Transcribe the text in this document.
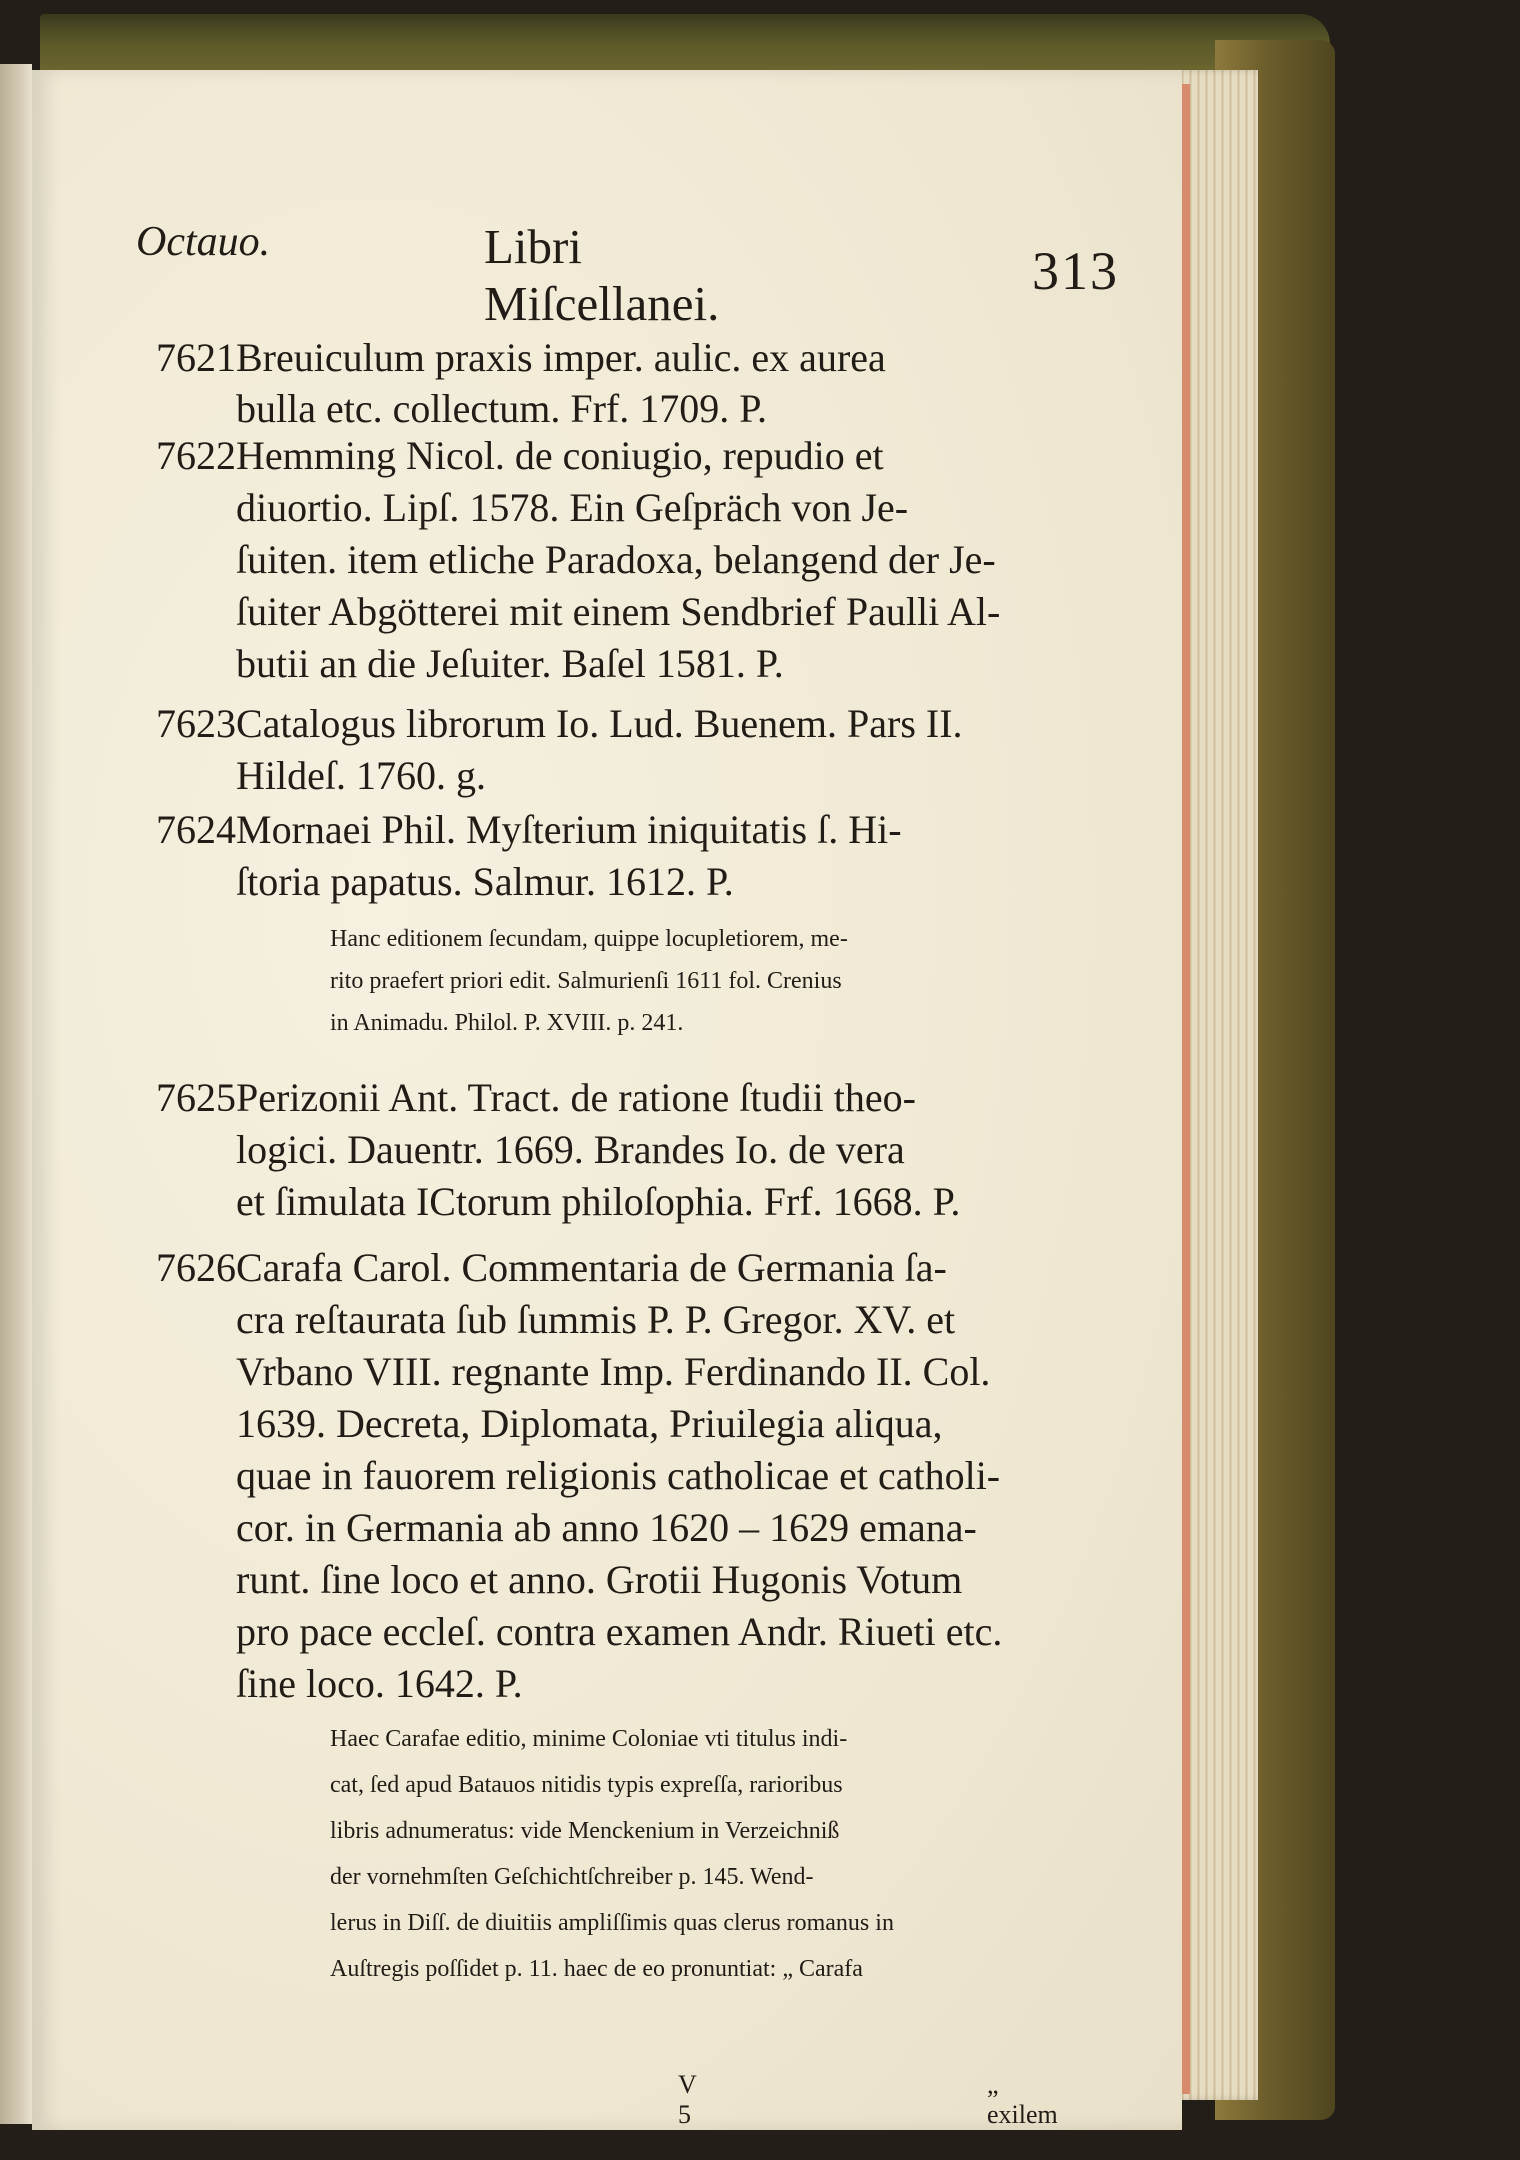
Octauo.	Libri Miſcellanei.
313
7621 Breuiculum praxis imper. aulic. ex aurea
bulla etc. collectum. Frf. 1709. P.
7622 Hemming Nicol. de coniugio, repudio et
diuortio. Lipſ. 1578. Ein Geſpräch von Je-
ſuiten. item etliche Paradoxa, belangend der Je-
ſuiter Abgötterei mit einem Sendbrief Paulli Al-
butii an die Jeſuiter. Baſel 1581. P.
7623 Catalogus librorum Io. Lud. Buenem. Pars II.
Hildeſ. 1760. g.
7624 Mornaei Phil. Myſterium iniquitatis ſ. Hi-
ſtoria papatus. Salmur. 1612. P.
Hanc editionem ſecundam, quippe locupletiorem, me-
rito praefert priori edit. Salmurienſi 1611 fol. Crenius
in Animadu. Philol. P. XVIII. p. 241.
7625 Perizonii Ant. Tract. de ratione ſtudii theo-
logici. Dauentr. 1669. Brandes Io. de vera
et ſimulata ICtorum philoſophia. Frf. 1668. P.
7626 Carafa Carol. Commentaria de Germania ſa-
cra reſtaurata ſub ſummis P. P. Gregor. XV. et
Vrbano VIII. regnante Imp. Ferdinando II. Col.
1639. Decreta, Diplomata, Priuilegia aliqua,
quae in fauorem religionis catholicae et catholi-
cor. in Germania ab anno 1620 – 1629 emana-
runt. ſine loco et anno. Grotii Hugonis Votum
pro pace eccleſ. contra examen Andr. Riueti etc.
ſine loco. 1642. P.
Haec Carafae editio, minime Coloniae vti titulus indi-
cat, ſed apud Batauos nitidis typis expreſſa, rarioribus
libris adnumeratus: vide Menckenium in Verzeichniß
der vornehmſten Geſchichtſchreiber p. 145. Wend-
lerus in Diſſ. de diuitiis ampliſſimis quas clerus romanus in
Auſtregis poſſidet p. 11. haec de eo pronuntiat: „ Carafa
V 5
„ exilem
